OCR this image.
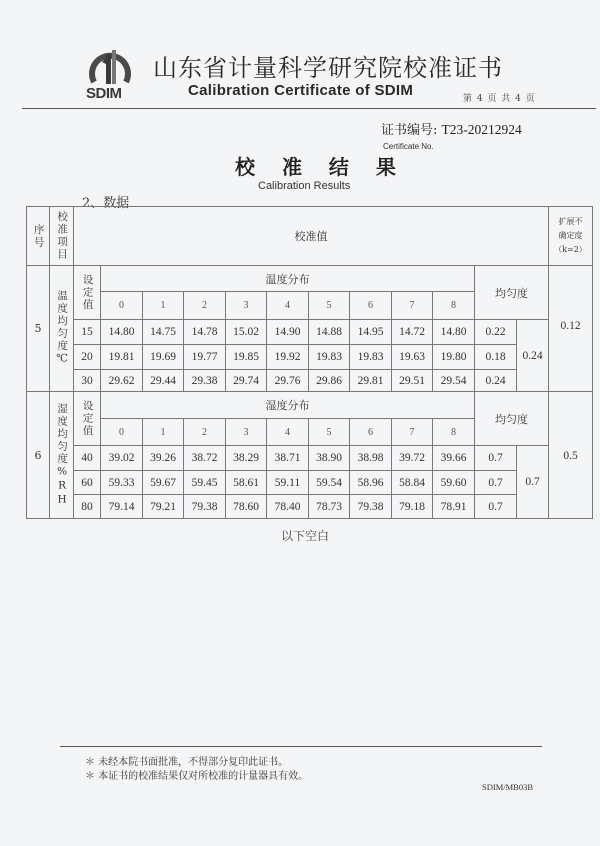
SDIM
山东省计量科学研究院校准证书
Calibration Certificate of SDIM	第 4 页 共 4 页
证书编号: T23-20212924
Certificate No.
校 准 结 果
Calibration Results
2、数据
序号 校准项目	校准值
扩展不
确定度
（k=2）
5 温度均匀度℃ 设定值	温度分布
均匀度
0	1	2	3	4	5	6	7	8
15 14.80 14.75 14.78 15.02 14.90 14.88 14.95 14.72 14.80 0.22
20 19.81 19.69 19.77 19.85 19.92 19.83 19.83 19.63 19.80 0.18
30 29.62 29.44 29.38 29.74 29.76 29.86 29.81 29.51 29.54 0.24
0.24
0.12
6 湿度均匀度%RH 设定值	湿度分布
均匀度
0	1	2	3	4	5	6	7	8
40 39.02 39.26 38.72 38.29 38.71 38.90 38.98 39.72 39.66 0.7
60 59.33 59.67 59.45 58.61 59.11 59.54 58.96 58.84 59.60 0.7
80 79.14 79.21 79.38 78.60 78.40 78.73 79.38 79.18 78.91 0.7
0.7
0.5
以下空白
＊ 未经本院书面批准，不得部分复印此证书。
＊ 本证书的校准结果仅对所校准的计量器具有效。
SDIM/MB03B
